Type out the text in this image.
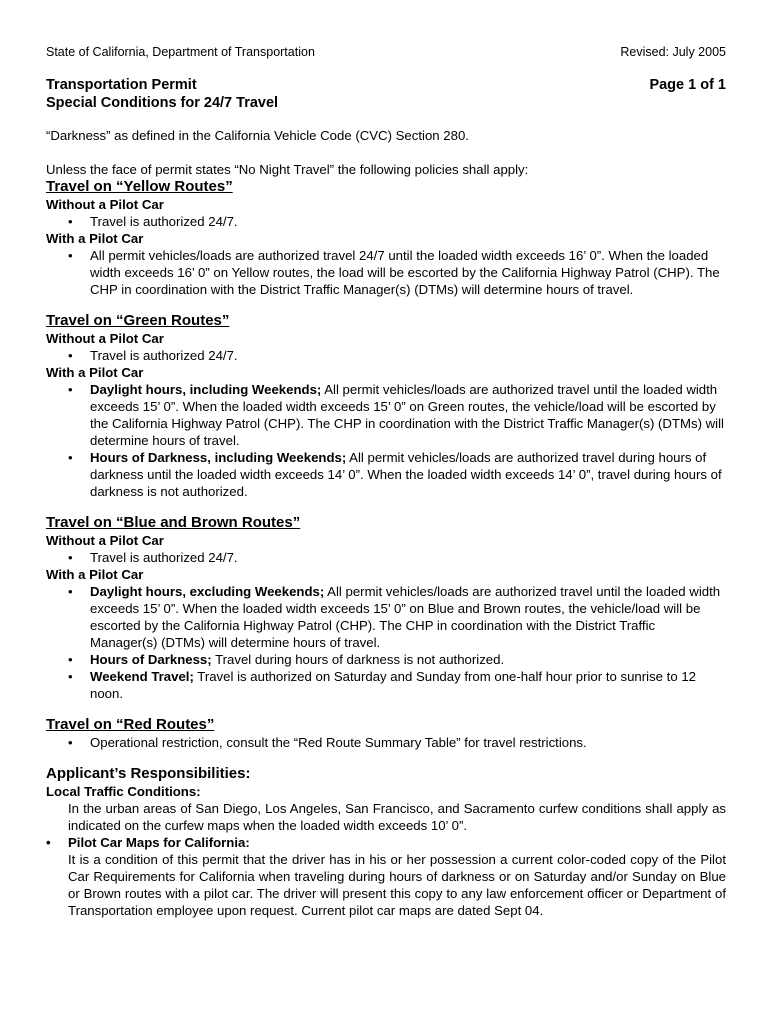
State of California, Department of Transportation	Revised: July 2005
Transportation Permit	Page 1 of 1
Special Conditions for 24/7 Travel

“Darkness” as defined in the California Vehicle Code (CVC) Section 280.

Unless the face of permit states “No Night Travel” the following policies shall apply:

Travel on “Yellow Routes”
Without a Pilot Car
• Travel is authorized 24/7.
With a Pilot Car
• All permit vehicles/loads are authorized travel 24/7 until the loaded width exceeds 16’ 0”. When the loaded width exceeds 16’ 0” on Yellow routes, the load will be escorted by the California Highway Patrol (CHP). The CHP in coordination with the District Traffic Manager(s) (DTMs) will determine hours of travel.
Travel on “Green Routes”
Without a Pilot Car
• Travel is authorized 24/7.
With a Pilot Car
• Daylight hours, including Weekends; All permit vehicles/loads are authorized travel until the loaded width exceeds 15’ 0”. When the loaded width exceeds 15’ 0” on Green routes, the vehicle/load will be escorted by the California Highway Patrol (CHP). The CHP in coordination with the District Traffic Manager(s) (DTMs) will determine hours of travel.
• Hours of Darkness, including Weekends; All permit vehicles/loads are authorized travel during hours of darkness until the loaded width exceeds 14’ 0”. When the loaded width exceeds 14’ 0”, travel during hours of darkness is not authorized.
Travel on “Blue and Brown Routes”
Without a Pilot Car
• Travel is authorized 24/7.
With a Pilot Car
• Daylight hours, excluding Weekends; All permit vehicles/loads are authorized travel until the loaded width exceeds 15’ 0”. When the loaded width exceeds 15’ 0” on Blue and Brown routes, the vehicle/load will be escorted by the California Highway Patrol (CHP). The CHP in coordination with the District Traffic Manager(s) (DTMs) will determine hours of travel.
• Hours of Darkness; Travel during hours of darkness is not authorized.
• Weekend Travel; Travel is authorized on Saturday and Sunday from one-half hour prior to sunrise to 12 noon.
Travel on “Red Routes”
• Operational restriction, consult the “Red Route Summary Table” for travel restrictions.
Applicant’s Responsibilities:
Local Traffic Conditions:
In the urban areas of San Diego, Los Angeles, San Francisco, and Sacramento curfew conditions shall apply as indicated on the curfew maps when the loaded width exceeds 10’ 0”.
• Pilot Car Maps for California:
It is a condition of this permit that the driver has in his or her possession a current color-coded copy of the Pilot Car Requirements for California when traveling during hours of darkness or on Saturday and/or Sunday on Blue or Brown routes with a pilot car. The driver will present this copy to any law enforcement officer or Department of Transportation employee upon request. Current pilot car maps are dated Sept 04.
